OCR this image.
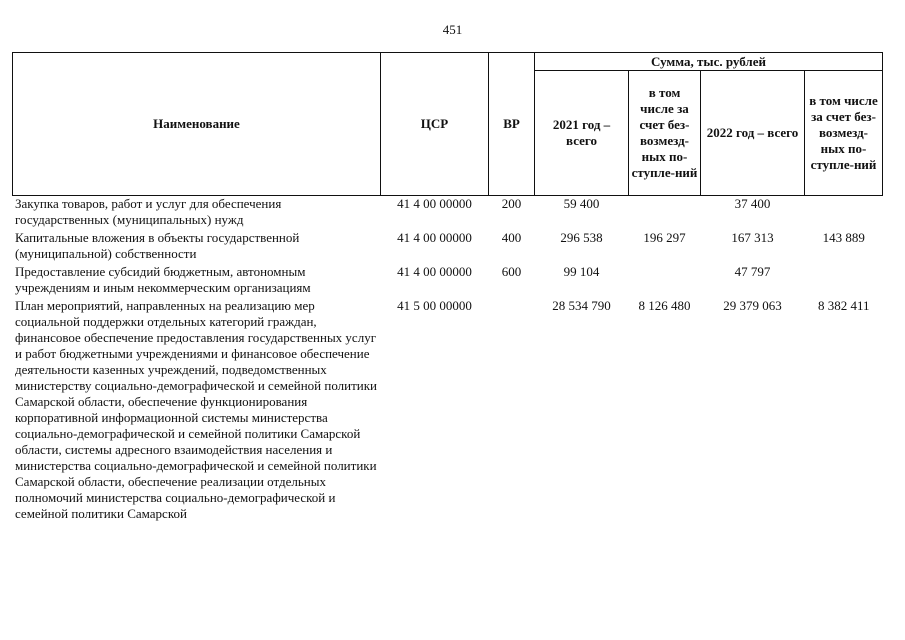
451
Наименование	ЦСР	ВР	Сумма, тыс. рублей			
			2021 год – всего	в том числе за счет без-возмезд-ных по-ступле-ний	2022 год – всего	в том числе за счет без-возмезд-ных по-ступле-ний
Закупка товаров, работ и услуг для обеспечения государственных (муниципальных) нужд	41 4 00 00000	200	59 400		37 400	
Капитальные вложения в объекты государственной (муниципальной) собственности	41 4 00 00000	400	296 538	196 297	167 313	143 889
Предоставление субсидий бюджетным, автономным учреждениям и иным некоммерческим организациям	41 4 00 00000	600	99 104		47 797	
План мероприятий, направленных на реализацию мер социальной поддержки отдельных категорий граждан, финансовое обеспечение предоставления государственных услуг и работ бюджетными учреждениями и финансовое обеспечение деятельности казенных учреждений, подведомственных министерству социально-демографической и семейной политики Самарской области, обеспечение функционирования корпоративной информационной системы министерства социально-демографической и семейной политики Самарской области, системы адресного взаимодействия населения и министерства социально-демографической и семейной политики Самарской области, обеспечение реализации отдельных полномочий министерства социально-демографической и семейной политики Самарской	41 5 00 00000		28 534 790	8 126 480	29 379 063	8 382 411
